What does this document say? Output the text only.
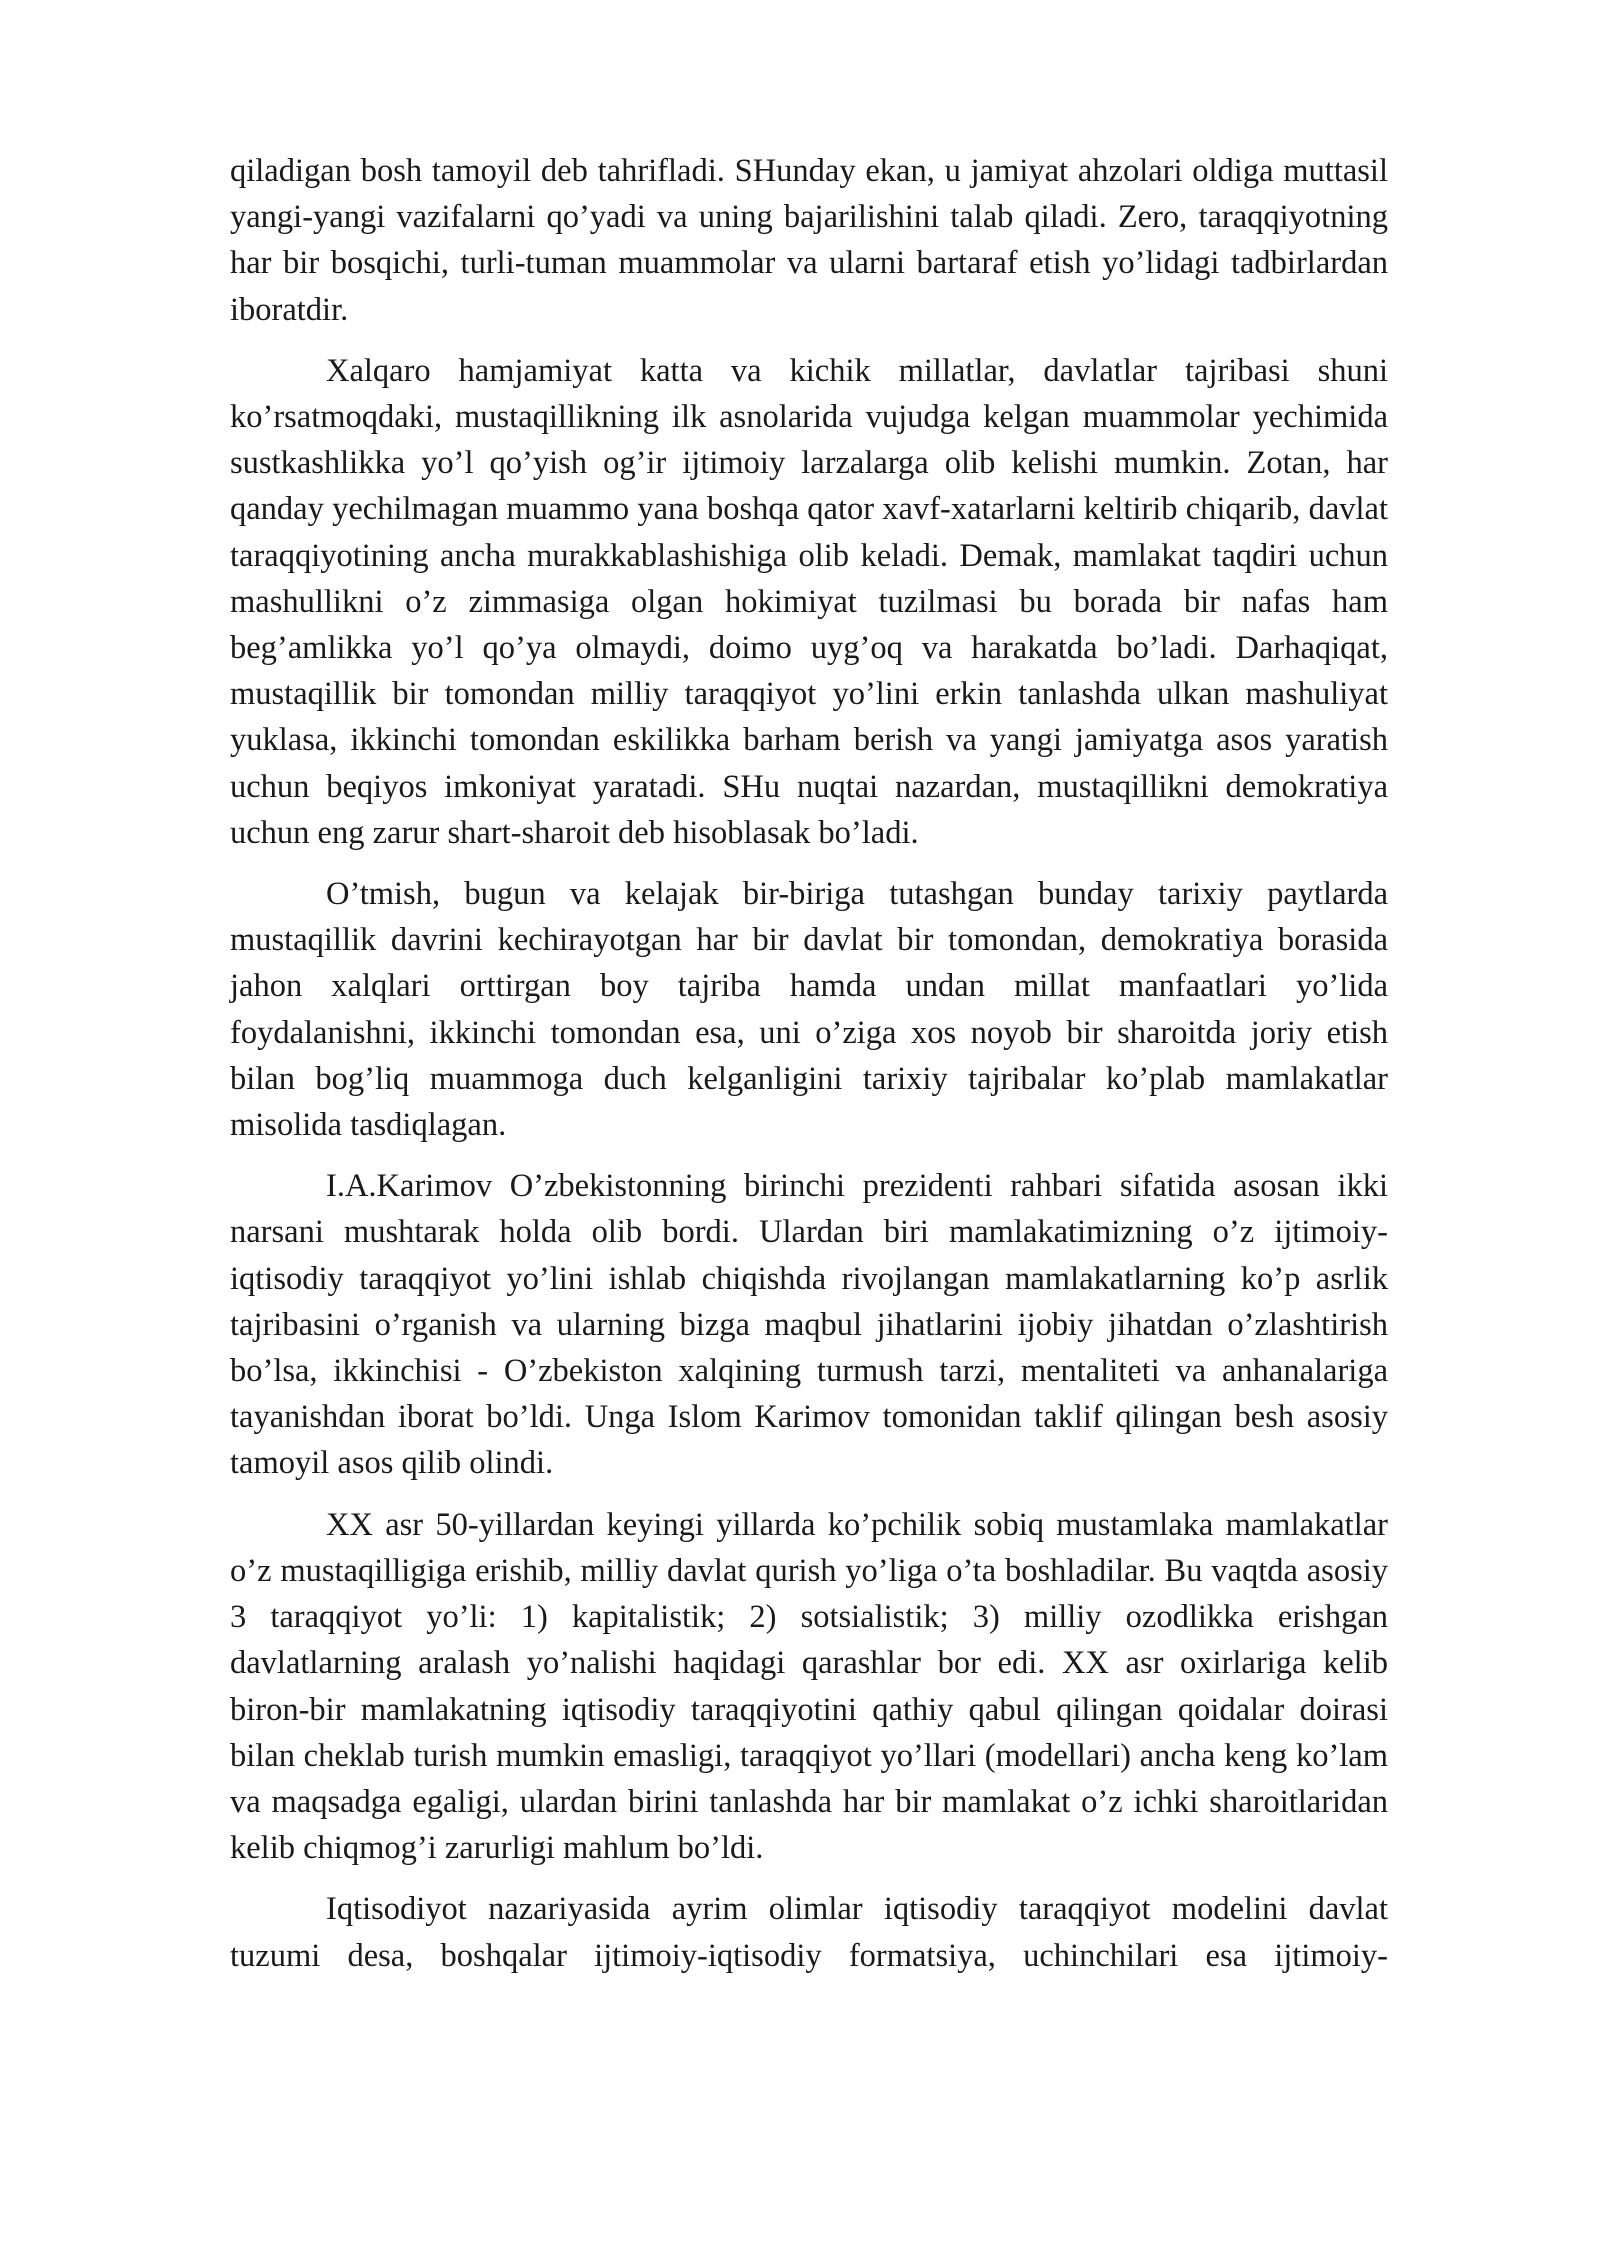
qiladigan bosh tamoyil deb tahrifladi. SHunday ekan, u jamiyat ahzolari oldiga muttasil yangi-yangi vazifalarni qo’yadi va uning bajarilishini talab qiladi. Zero, taraqqiyotning har bir bosqichi, turli-tuman muammolar va ularni bartaraf etish yo’lidagi tadbirlardan iboratdir.

Xalqaro hamjamiyat katta va kichik millatlar, davlatlar tajribasi shuni ko’rsatmoqdaki, mustaqillikning ilk asnolarida vujudga kelgan muammolar yechimida sustkashlikka yo’l qo’yish og’ir ijtimoiy larzalarga olib kelishi mumkin. Zotan, har qanday yechilmagan muammo yana boshqa qator xavf-xatarlarni keltirib chiqarib, davlat taraqqiyotining ancha murakkablashishiga olib keladi. Demak, mamlakat taqdiri uchun mashullikni o’z zimmasiga olgan hokimiyat tuzilmasi bu borada bir nafas ham beg’amlikka yo’l qo’ya olmaydi, doimo uyg’oq va harakatda bo’ladi. Darhaqiqat, mustaqillik bir tomondan milliy taraqqiyot yo’lini erkin tanlashda ulkan mashuliyat yuklasa, ikkinchi tomondan eskilikka barham berish va yangi jamiyatga asos yaratish uchun beqiyos imkoniyat yaratadi. SHu nuqtai nazardan, mustaqillikni demokratiya uchun eng zarur shart-sharoit deb hisoblasak bo’ladi.

O’tmish, bugun va kelajak bir-biriga tutashgan bunday tarixiy paytlarda mustaqillik davrini kechirayotgan har bir davlat bir tomondan, demokratiya borasida jahon xalqlari orttirgan boy tajriba hamda undan millat manfaatlari yo’lida foydalanishni, ikkinchi tomondan esa, uni o’ziga xos noyob bir sharoitda joriy etish bilan bog’liq muammoga duch kelganligini tarixiy tajribalar ko’plab mamlakatlar misolida tasdiqlagan.

I.A.Karimov O’zbekistonning birinchi prezidenti rahbari sifatida asosan ikki narsani mushtarak holda olib bordi. Ulardan biri mamlakatimizning o’z ijtimoiy-iqtisodiy taraqqiyot yo’lini ishlab chiqishda rivojlangan mamlakatlarning ko’p asrlik tajribasini o’rganish va ularning bizga maqbul jihatlarini ijobiy jihatdan o’zlashtirish bo’lsa, ikkinchisi - O’zbekiston xalqining turmush tarzi, mentaliteti va anhanalariga tayanishdan iborat bo’ldi. Unga Islom Karimov tomonidan taklif qilingan besh asosiy tamoyil asos qilib olindi.

XX asr 50-yillardan keyingi yillarda ko’pchilik sobiq mustamlaka mamlakatlar o’z mustaqilligiga erishib, milliy davlat qurish yo’liga o’ta boshladilar. Bu vaqtda asosiy 3 taraqqiyot yo’li: 1) kapitalistik; 2) sotsialistik; 3) milliy ozodlikka erishgan davlatlarning aralash yo’nalishi haqidagi qarashlar bor edi. XX asr oxirlariga kelib biron-bir mamlakatning iqtisodiy taraqqiyotini qathiy qabul qilingan qoidalar doirasi bilan cheklab turish mumkin emasligi, taraqqiyot yo’llari (modellari) ancha keng ko’lam va maqsadga egaligi, ulardan birini tanlashda har bir mamlakat o’z ichki sharoitlaridan kelib chiqmog’i zarurligi mahlum bo’ldi.

Iqtisodiyot nazariyasida ayrim olimlar iqtisodiy taraqqiyot modelini davlat tuzumi desa, boshqalar ijtimoiy-iqtisodiy formatsiya, uchinchilari esa ijtimoiy-
